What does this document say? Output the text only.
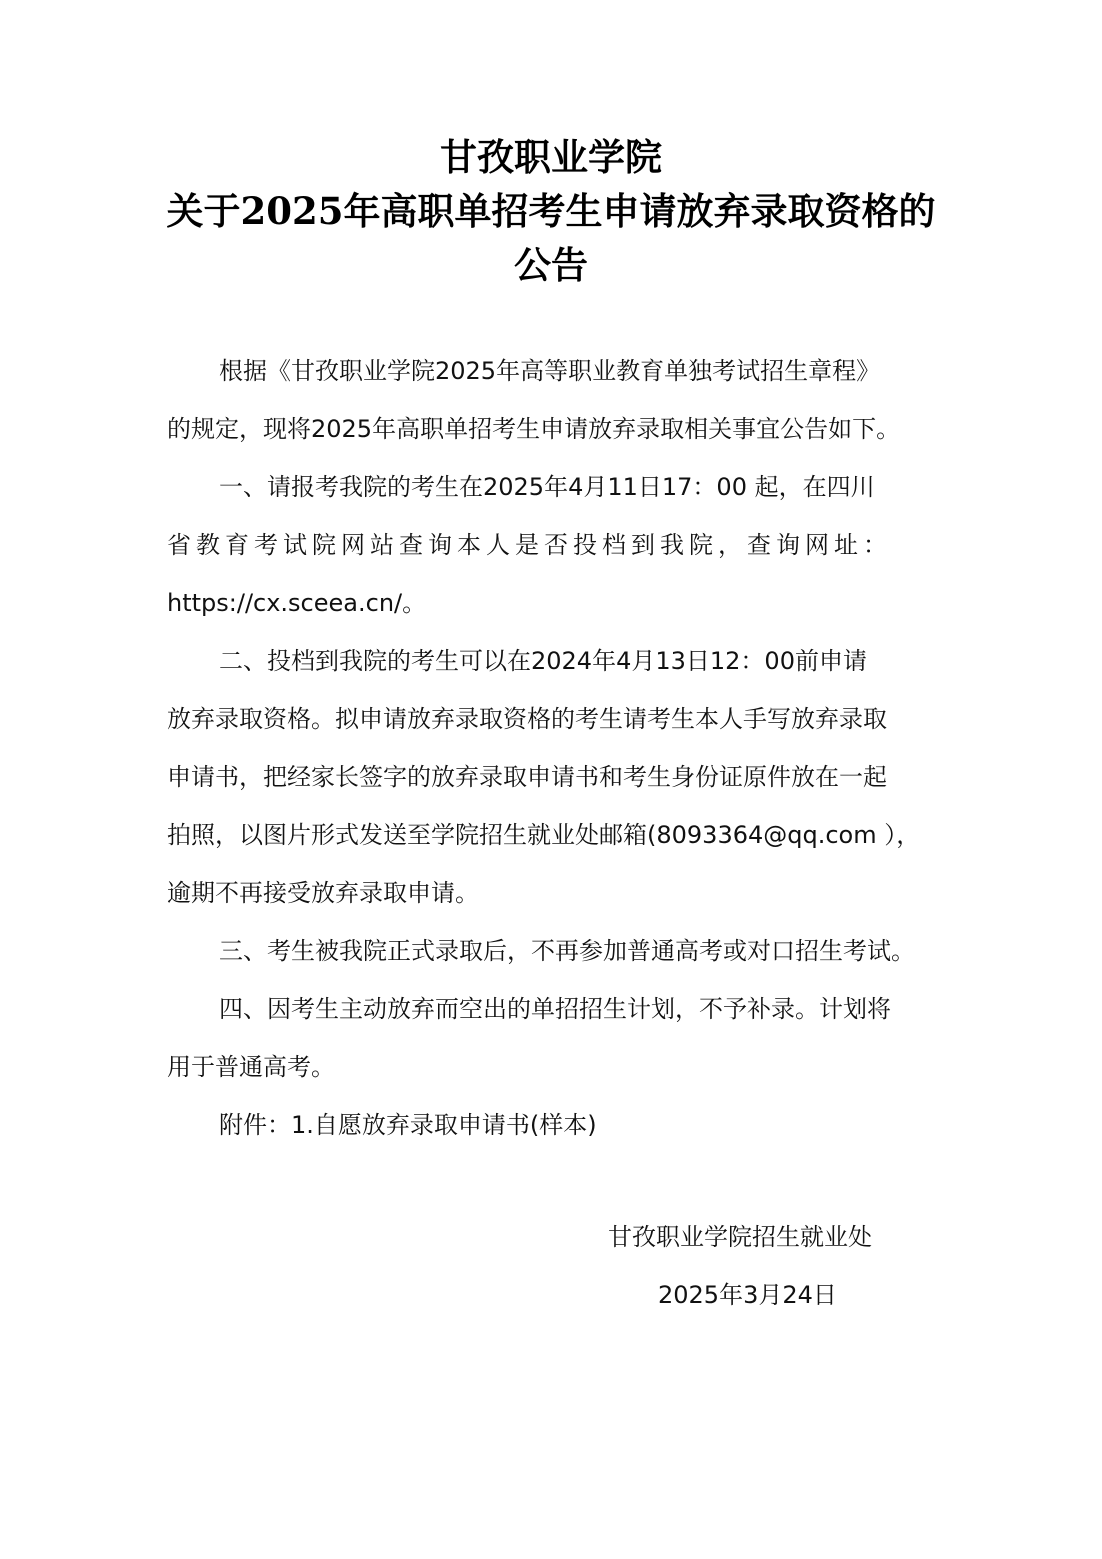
甘孜职业学院
关于2025年高职单招考生申请放弃录取资格的
公告
根据《甘孜职业学院2025年高等职业教育单独考试招生章程》
的规定，现将2025年高职单招考生申请放弃录取相关事宜公告如下。
一、请报考我院的考生在2025年4月11日17：00 起，在四川
省教育考试院网站查询本人是否投档到我院，查询网址：
https://cx.sceea.cn/。
二、投档到我院的考生可以在2024年4月13日12：00前申请
放弃录取资格。拟申请放弃录取资格的考生请考生本人手写放弃录取
申请书，把经家长签字的放弃录取申请书和考生身份证原件放在一起
拍照，以图片形式发送至学院招生就业处邮箱(8093364@qq.com ），
逾期不再接受放弃录取申请。
三、考生被我院正式录取后，不再参加普通高考或对口招生考试。
四、因考生主动放弃而空出的单招招生计划，不予补录。计划将
用于普通高考。
附件：1.自愿放弃录取申请书(样本)
甘孜职业学院招生就业处
2025年3月24日
